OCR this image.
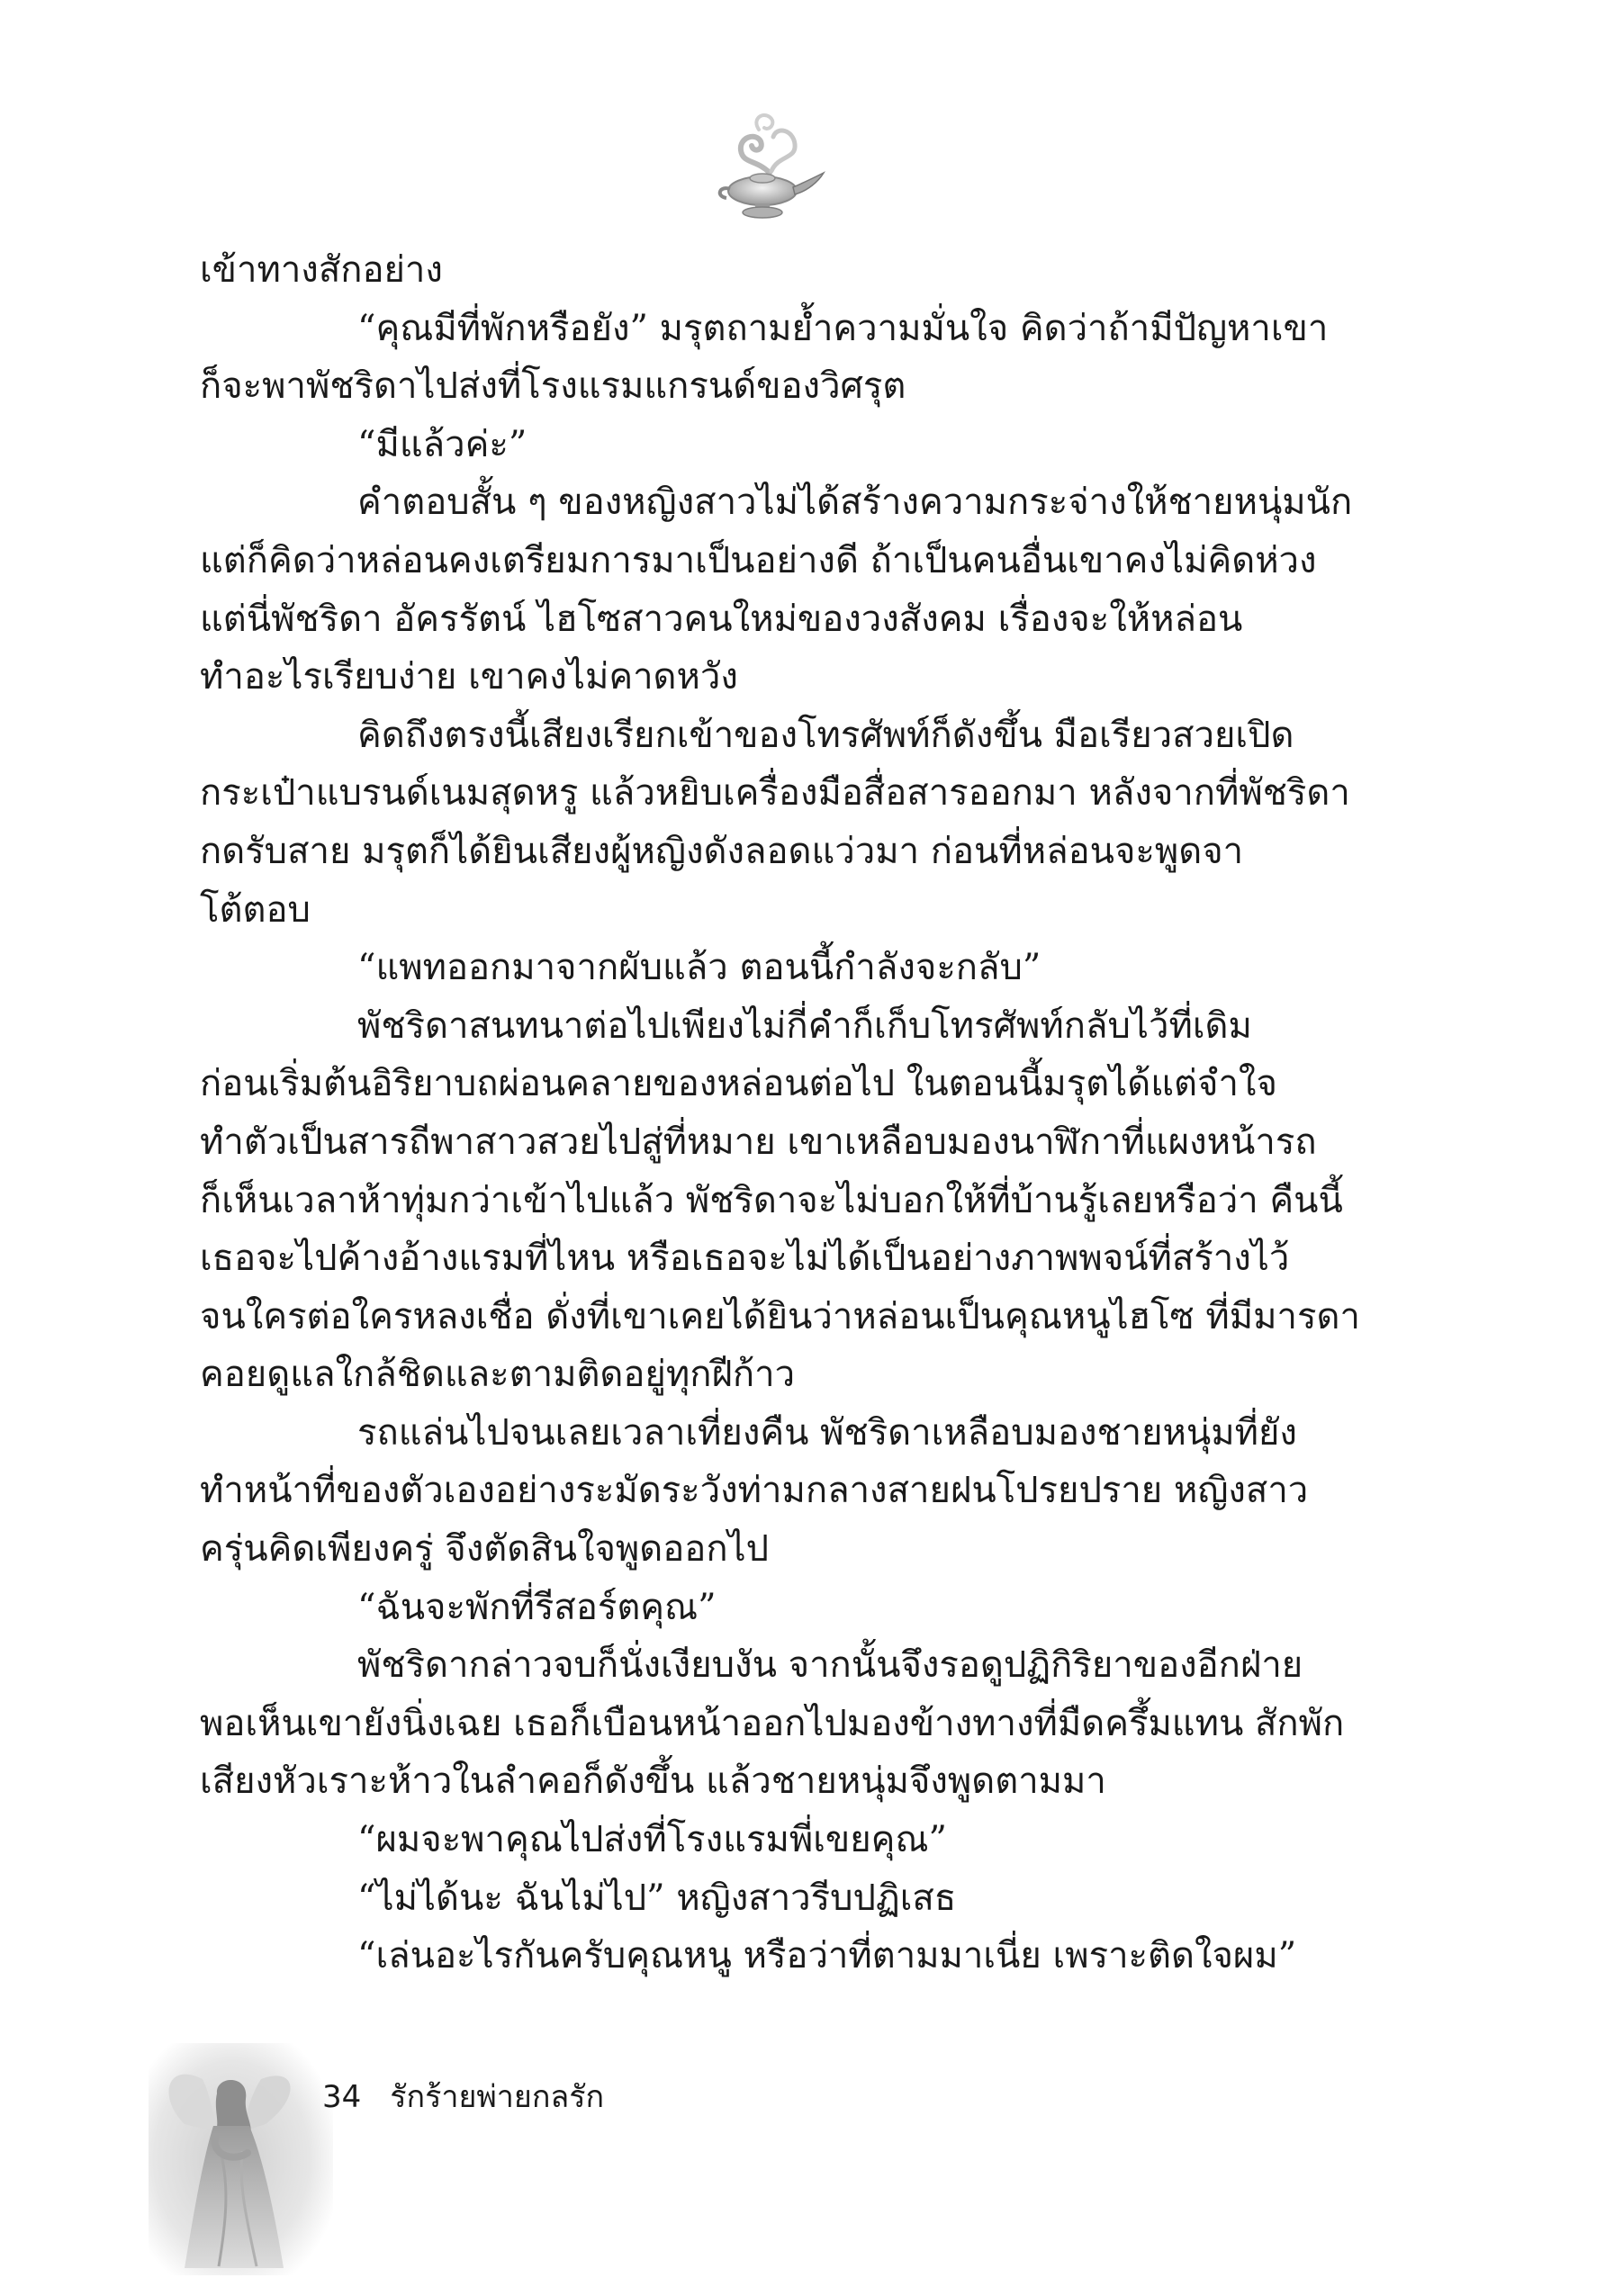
เข้าทางสักอย่าง

“คุณมีที่พักหรือยัง” มรุตถามย้ำความมั่นใจ คิดว่าถ้ามีปัญหาเขา

ก็จะพาพัชริดาไปส่งที่โรงแรมแกรนด์ของวิศรุต

“มีแล้วค่ะ”

คำตอบสั้น ๆ ของหญิงสาวไม่ได้สร้างความกระจ่างให้ชายหนุ่มนัก

แต่ก็คิดว่าหล่อนคงเตรียมการมาเป็นอย่างดี ถ้าเป็นคนอื่นเขาคงไม่คิดห่วง

แต่นี่พัชริดา อัครรัตน์ ไฮโซสาวคนใหม่ของวงสังคม เรื่องจะให้หล่อน

ทำอะไรเรียบง่าย เขาคงไม่คาดหวัง

คิดถึงตรงนี้เสียงเรียกเข้าของโทรศัพท์ก็ดังขึ้น มือเรียวสวยเปิด

กระเป๋าแบรนด์เนมสุดหรู แล้วหยิบเครื่องมือสื่อสารออกมา หลังจากที่พัชริดา

กดรับสาย มรุตก็ได้ยินเสียงผู้หญิงดังลอดแว่วมา ก่อนที่หล่อนจะพูดจา

โต้ตอบ

“แพทออกมาจากผับแล้ว ตอนนี้กำลังจะกลับ”

พัชริดาสนทนาต่อไปเพียงไม่กี่คำก็เก็บโทรศัพท์กลับไว้ที่เดิม

ก่อนเริ่มต้นอิริยาบถผ่อนคลายของหล่อนต่อไป ในตอนนี้มรุตได้แต่จำใจ

ทำตัวเป็นสารถีพาสาวสวยไปสู่ที่หมาย เขาเหลือบมองนาฬิกาที่แผงหน้ารถ

ก็เห็นเวลาห้าทุ่มกว่าเข้าไปแล้ว พัชริดาจะไม่บอกให้ที่บ้านรู้เลยหรือว่า คืนนี้

เธอจะไปค้างอ้างแรมที่ไหน หรือเธอจะไม่ได้เป็นอย่างภาพพจน์ที่สร้างไว้

จนใครต่อใครหลงเชื่อ ดั่งที่เขาเคยได้ยินว่าหล่อนเป็นคุณหนูไฮโซ ที่มีมารดา

คอยดูแลใกล้ชิดและตามติดอยู่ทุกฝีก้าว

รถแล่นไปจนเลยเวลาเที่ยงคืน พัชริดาเหลือบมองชายหนุ่มที่ยัง

ทำหน้าที่ของตัวเองอย่างระมัดระวังท่ามกลางสายฝนโปรยปราย หญิงสาว

ครุ่นคิดเพียงครู่ จึงตัดสินใจพูดออกไป

“ฉันจะพักที่รีสอร์ตคุณ”

พัชริดากล่าวจบก็นั่งเงียบงัน จากนั้นจึงรอดูปฏิกิริยาของอีกฝ่าย

พอเห็นเขายังนิ่งเฉย เธอก็เบือนหน้าออกไปมองข้างทางที่มืดครึ้มแทน สักพัก

เสียงหัวเราะห้าวในลำคอก็ดังขึ้น แล้วชายหนุ่มจึงพูดตามมา

“ผมจะพาคุณไปส่งที่โรงแรมพี่เขยคุณ”

“ไม่ได้นะ ฉันไม่ไป” หญิงสาวรีบปฏิเสธ

“เล่นอะไรกันครับคุณหนู หรือว่าที่ตามมาเนี่ย เพราะติดใจผม”

34 รักร้ายพ่ายกลรัก
